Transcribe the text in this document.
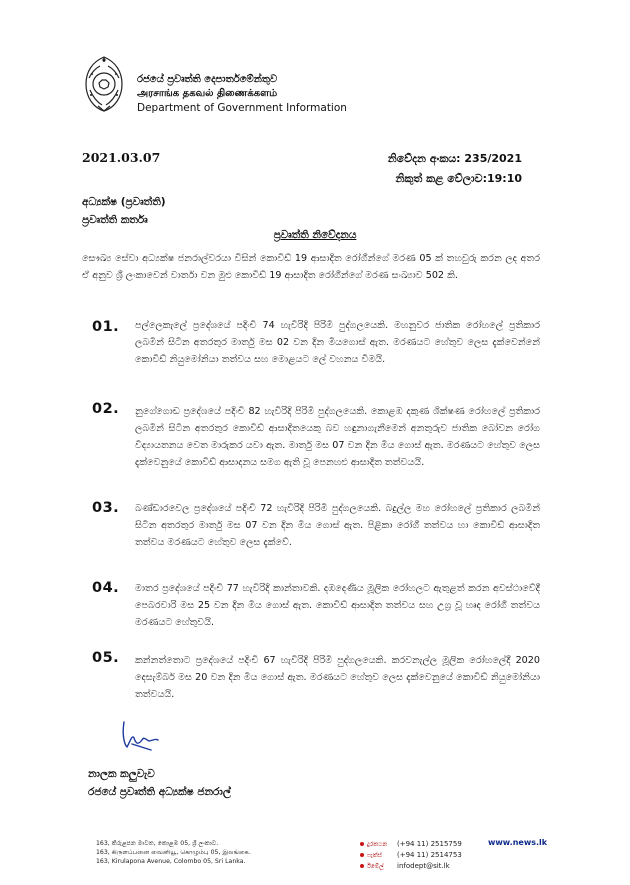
රජයේ ප්‍රවෘත්ති දෙපාර්තමේන්තුව
அரசாங்க தகவல் திணைக்களம்
Department of Government Information
2021.03.07	නිවේදන අංකය: 235/2021
නිකුත් කළ වේලාව:19:10
අධ්‍යක්ෂ (ප්‍රවෘත්ති)
ප්‍රවෘත්ති කර්තෘ
ප්‍රවෘත්ති නිවේදනය
සෞඛ්‍ය සේවා අධ්‍යක්ෂ ජනරාල්වරයා විසින් කොවිඩ් 19 ආසාදිත රෝගීන්ගේ මරණ 05 ක් තහවුරු කරන ලද අතර ඒ අනුව ශ්‍රී ලංකාවෙන් වාර්තා වන මුළු කොවිඩ් 19 ආසාදිත රෝගීන්ගේ මරණ සංඛ්‍යාව 502 කි.
01. පල්ලෙකැලේ ප්‍රදේශයේ පදිංචි 74 හැවිරිදි පිරිමි පුද්ගලයෙකි. මහනුවර ජාතික රෝහලේ ප්‍රතිකාර ලබමින් සිටින අතරතුර මාර්තු මස 02 වන දින මියගොස් ඇත. මරණයට හේතුව ලෙස දැක්වෙන්නේ කොවිඩ් නියුමෝනියා තත්වය සහ මොළයට ලේ වහනය වීමයි.
02. නුගේගොඩ ප්‍රදේශයේ පදිංචි 82 හැවිරිදි පිරිමි පුද්ගලයෙකි. කොළඹ දකුණ ශික්ෂණ රෝහලේ ප්‍රතිකාර ලබමින් සිටින අතරතුර කොවිඩ් ආසාදිතයෙකු බව හඳුනාගැනීමෙන් අනතුරුව ජාතික බෝවන රෝග විද්‍යායතනය වෙත මාරුකර යවා ඇත. මාර්තු මස 07 වන දින මිය ගොස් ඇත. මරණයට හේතුව ලෙස දැක්වෙනුයේ කොවිඩ් ආසාදනය සමග ඇති වූ පෙනහළු ආසාදිත තත්වයයි.
03. බණ්ඩාරවෙල ප්‍රදේශයේ පදිංචි 72 හැවිරිදි පිරිමි පුද්ගලයෙකි. බදුල්ල මහ රෝහලේ ප්‍රතිකාර ලබමින් සිටින අතරතුර මාර්තු මස 07 වන දින මිය ගොස් ඇත. පිළිකා රෝගී තත්වය හා කොවිඩ් ආසාදිත තත්වය මරණයට හේතුව ලෙස දැක්වේ.
04. මාතර ප්‍රදේශයේ පදිංචි 77 හැවිරිදි කාන්තාවකි. දඹදෙණිය මූලික රෝහලට ඇතුළත් කරන අවස්ථාවේදී පෙබරවාරි මස 25 වන දින මිය ගොස් ඇත. කොවිඩ් ආසාදිත තත්වය සහ උග්‍ර වූ හෘද රෝගී තත්වය මරණයට හේතුවයි.
05. කන්නත්තොට ප්‍රදේශයේ පදිංචි 67 හැවිරිදි පිරිමි පුද්ගලයෙකි. කරවනැල්ල මූලික රෝහලේදී 2020 දෙසැම්බර් මස 20 වන දින මිය ගොස් ඇත. මරණයට හේතුව ලෙස දැක්වෙනුයේ කොවිඩ් නියුමෝනියා තත්වයයි.
නාලක කලුවැව
රජයේ ප්‍රවෘත්ති අධ්‍යක්ෂ ජනරාල්
163, කිරුළපන මාවත, කොළඹ 05, ශ්‍රී ලංකාව.
163, கிருளப்பனை வைனியூ, கொழும்பு 05, இலங்கை.
163, Kirulapona Avenue, Colombo 05, Sri Lanka.
දුරකථන (+94 11) 2515759
ෆැක්ස් (+94 11) 2514753
ඊමේල් infodept@sit.lk
www.news.lk
